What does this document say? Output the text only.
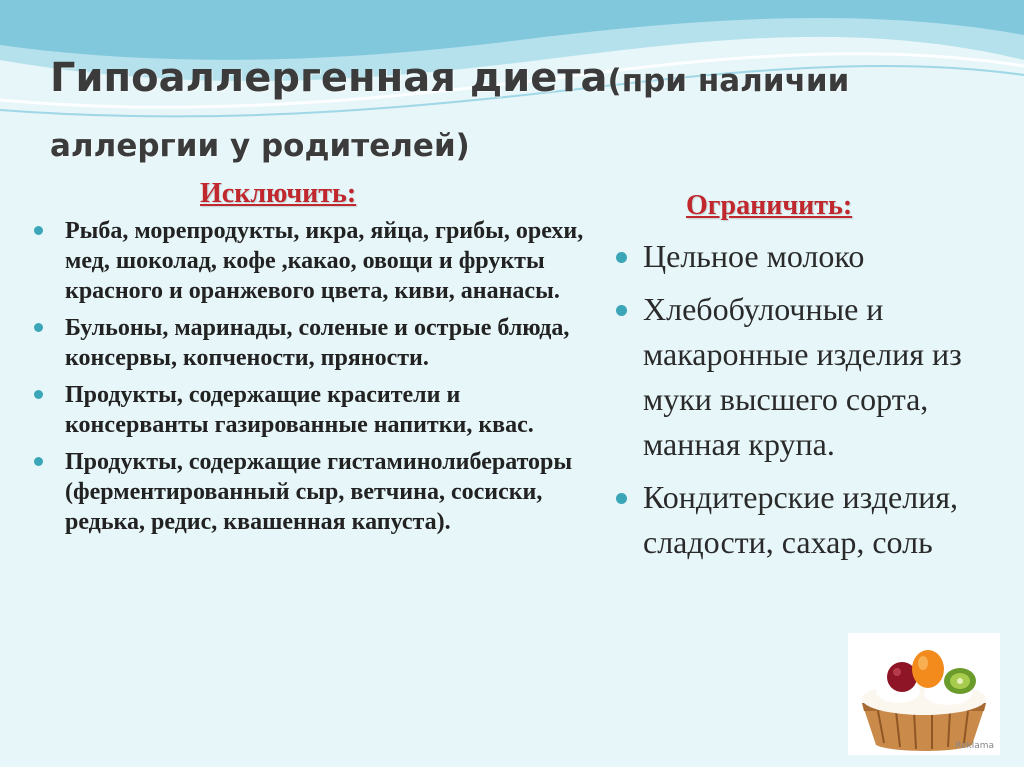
Гипоаллергенная диета(при наличии аллергии у родителей)
Исключить:
Рыба, морепродукты, икра, яйца, грибы, орехи, мед, шоколад, кофе ,какао, овощи и фрукты красного и оранжевого цвета, киви, ананасы.
Бульоны, маринады, соленые и острые блюда, консервы, копчености, пряности.
Продукты, содержащие красители и консерванты газированные напитки, квас.
Продукты, содержащие гистаминолибераторы (ферментированный сыр, ветчина, сосиски, редька, редис, квашенная капуста).
Ограничить:
Цельное молоко
Хлебобулочные и макаронные изделия из муки высшего сорта, манная крупа.
Кондитерские изделия, сладости, сахар, соль
Reklama
